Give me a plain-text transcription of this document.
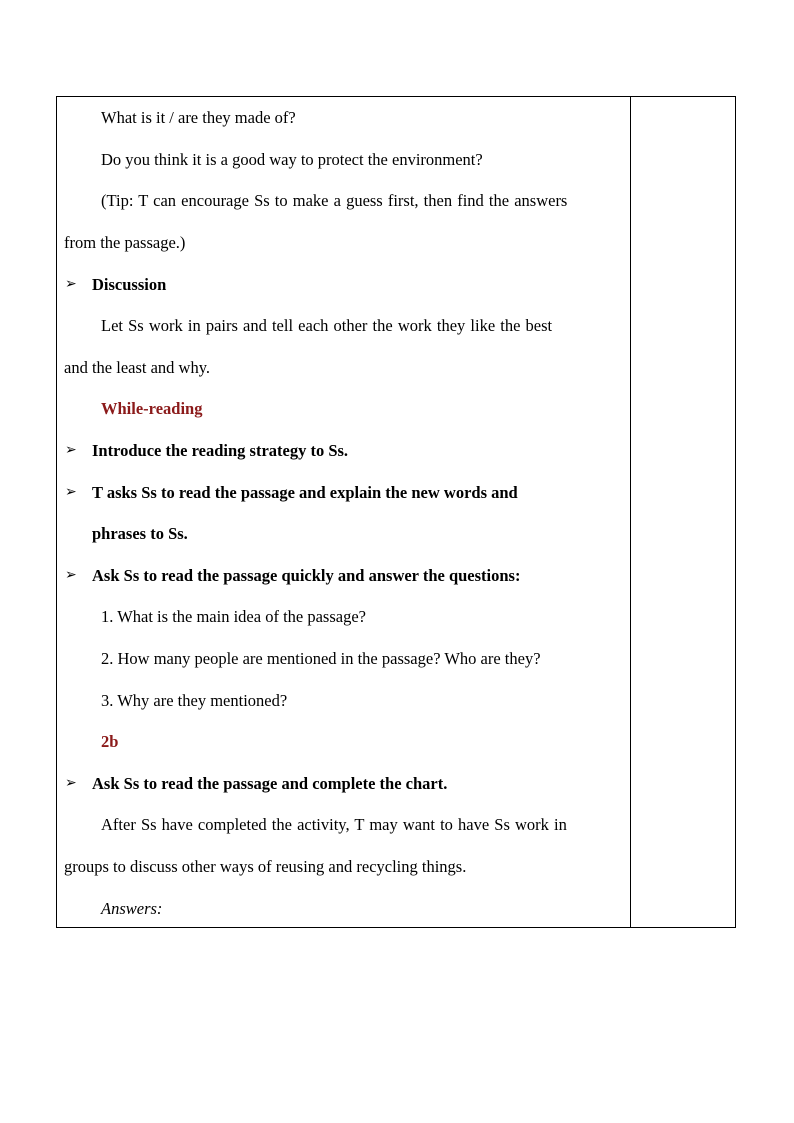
What is it / are they made of?
Do you think it is a good way to protect the environment?
(Tip: T can encourage Ss to make a guess first, then find the answers
from the passage.)
➢ Discussion
Let Ss work in pairs and tell each other the work they like the best
and the least and why.
While-reading
➢ Introduce the reading strategy to Ss.
➢ T asks Ss to read the passage and explain the new words and
phrases to Ss.
➢ Ask Ss to read the passage quickly and answer the questions:
1. What is the main idea of the passage?
2. How many people are mentioned in the passage? Who are they?
3. Why are they mentioned?
2b
➢ Ask Ss to read the passage and complete the chart.
After Ss have completed the activity, T may want to have Ss work in
groups to discuss other ways of reusing and recycling things.
Answers:
